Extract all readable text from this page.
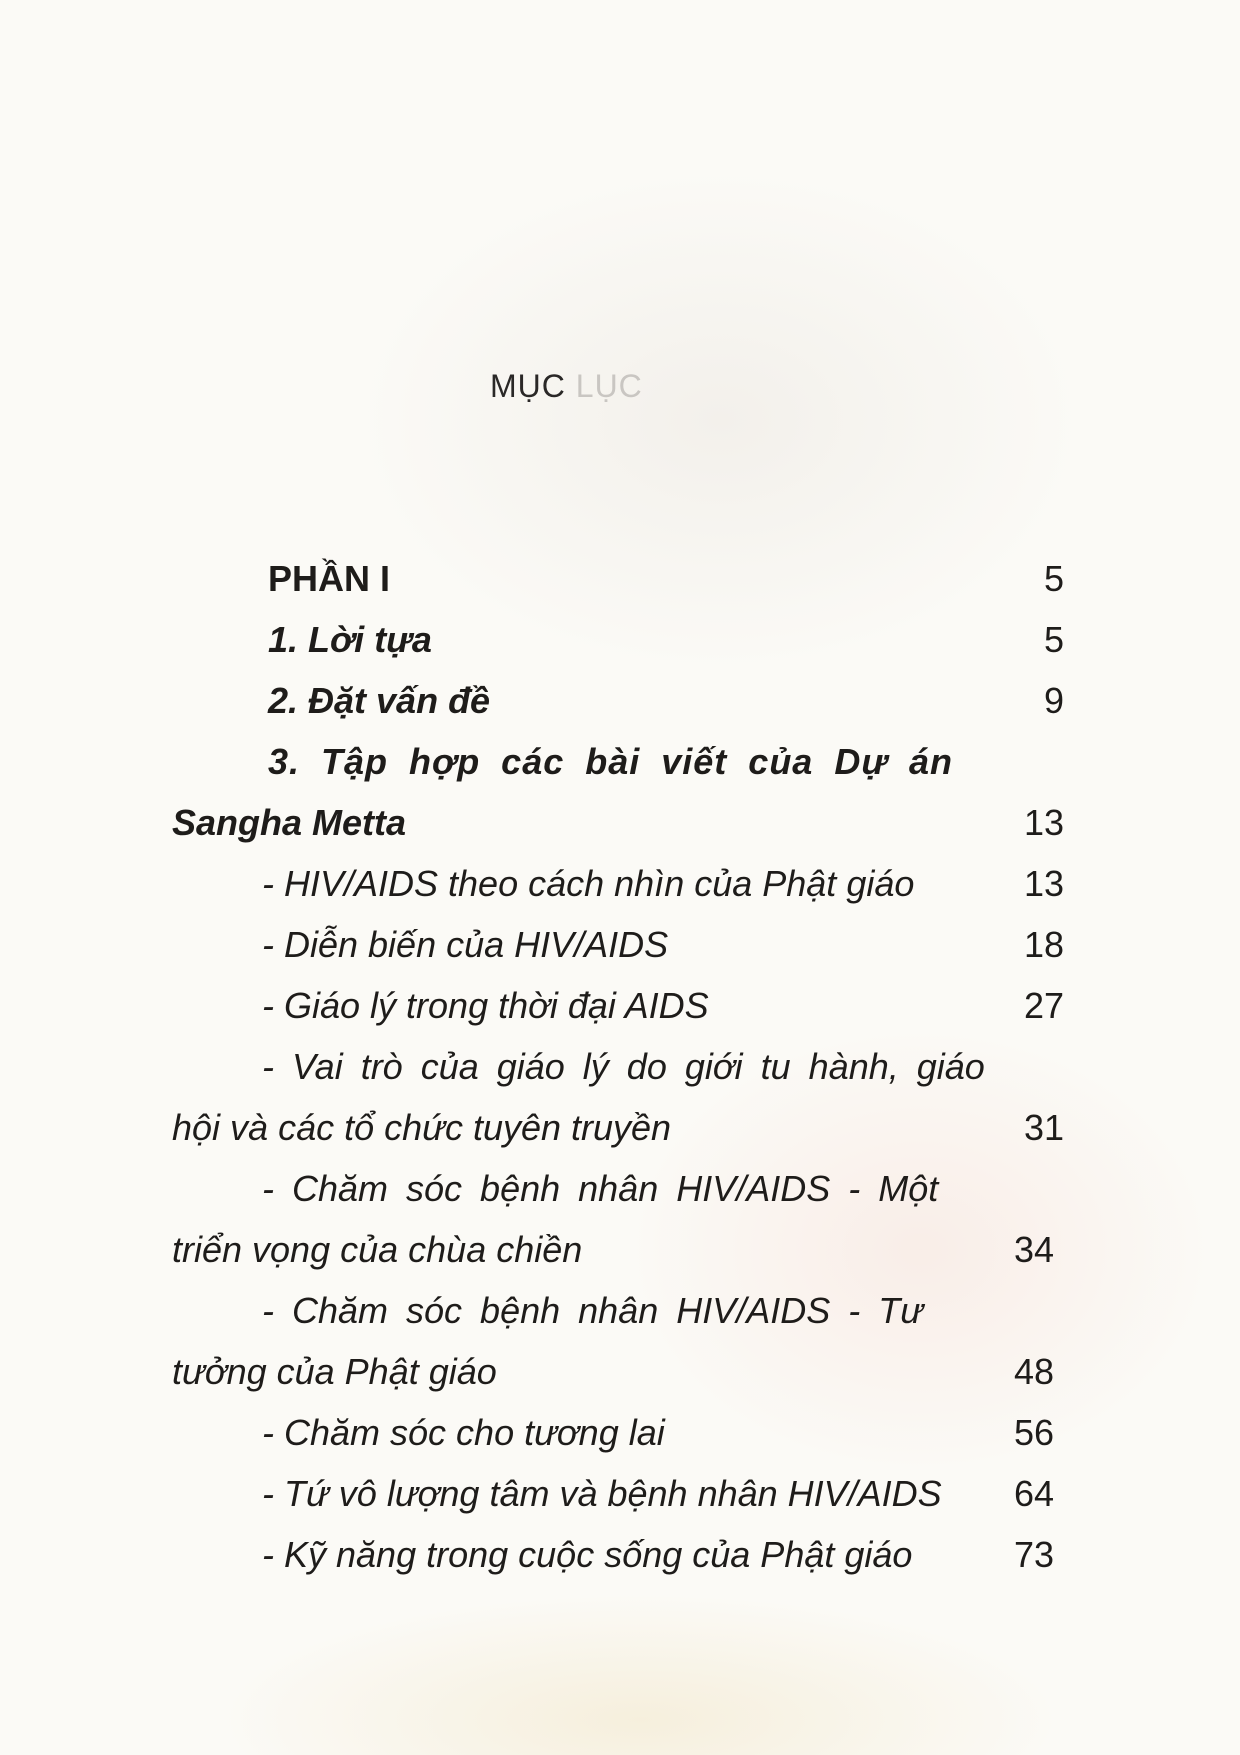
MỤC LỤC
PHẦN I	5
1. Lời tựa	5
2. Đặt vấn đề	9
3. Tập hợp các bài viết của Dự án
Sangha Metta	13
- HIV/AIDS theo cách nhìn của Phật giáo	13
- Diễn biến của HIV/AIDS	18
- Giáo lý trong thời đại AIDS	27
- Vai trò của giáo lý do giới tu hành, giáo
hội và các tổ chức tuyên truyền	31
- Chăm sóc bệnh nhân HIV/AIDS - Một
triển vọng của chùa chiền	34
- Chăm sóc bệnh nhân HIV/AIDS - Tư
tưởng của Phật giáo	48
- Chăm sóc cho tương lai	56
- Tứ vô lượng tâm và bệnh nhân HIV/AIDS 64
- Kỹ năng trong cuộc sống của Phật giáo	73
